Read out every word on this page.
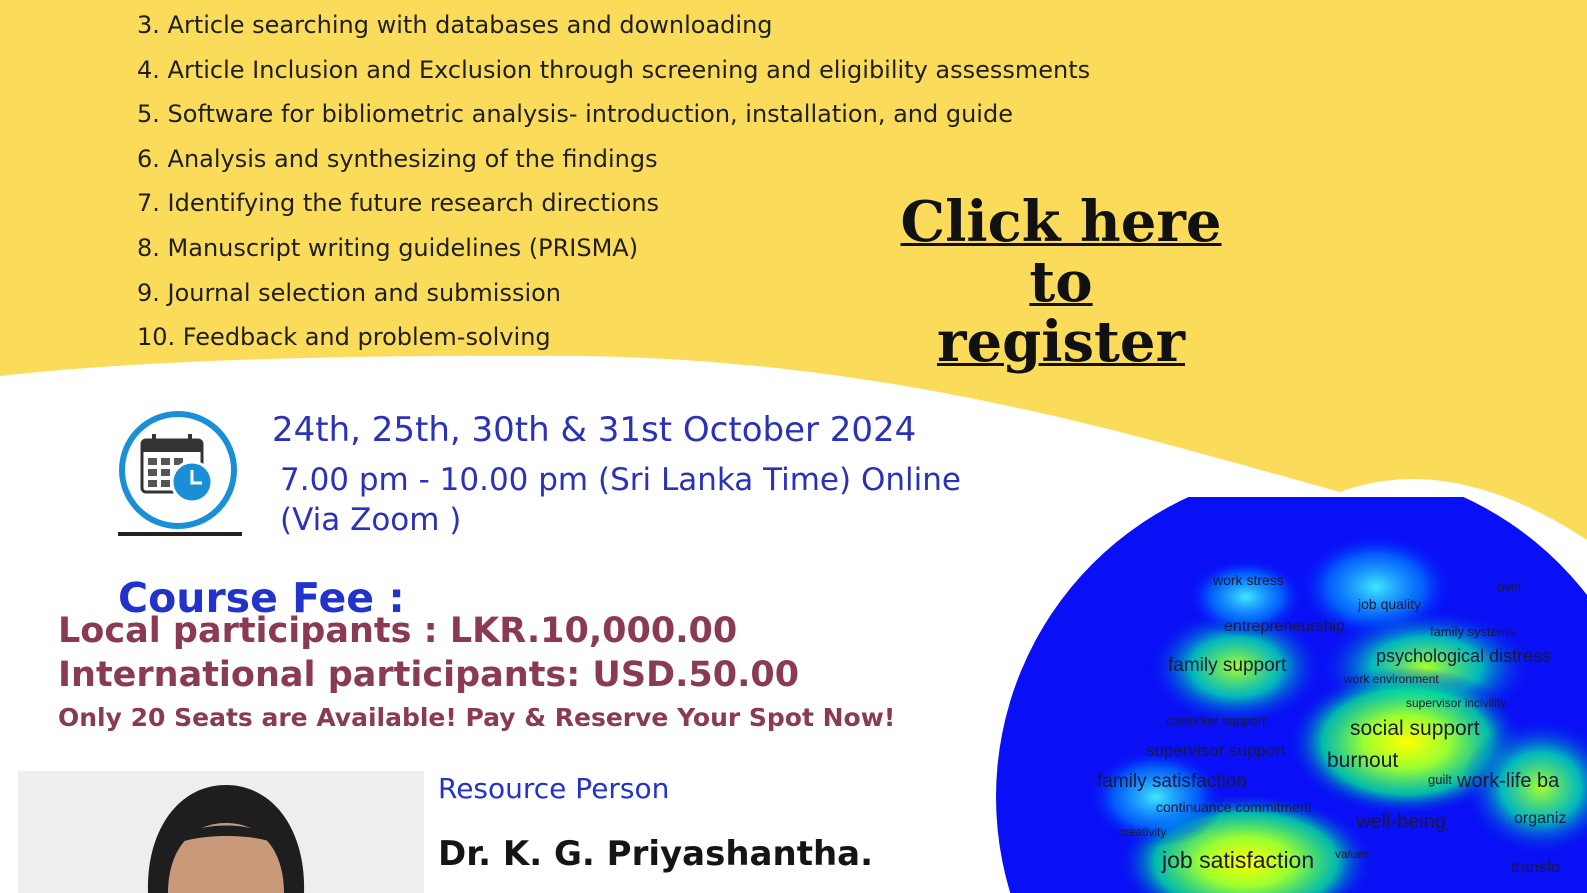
3. Article searching with databases and downloading
4. Article Inclusion and Exclusion through screening and eligibility assessments
5. Software for bibliometric analysis- introduction, installation, and guide
6. Analysis and synthesizing of the findings
7. Identifying the future research directions
8. Manuscript writing guidelines (PRISMA)
9. Journal selection and submission
10. Feedback and problem-solving
Click here to
register
24th, 25th, 30th & 31st October 2024
7.00 pm - 10.00 pm (Sri Lanka Time) Online
(Via Zoom )
Course Fee :
Local participants : LKR.10,000.00
International participants: USD.50.00
Only 20 Seats are Available! Pay & Reserve Your Spot Now!
Resource Person
Dr. K. G. Priyashantha.
work stress
job quality
over
entrepreneurship	family systems
family support	psychological distress
work environment
supervisor incivility
coworker support	social support
supervisor support burnout
guilt work-life ba
family satisfaction
continuance commitment
organiz
creativity	well-being
job satisfaction values
transfo
